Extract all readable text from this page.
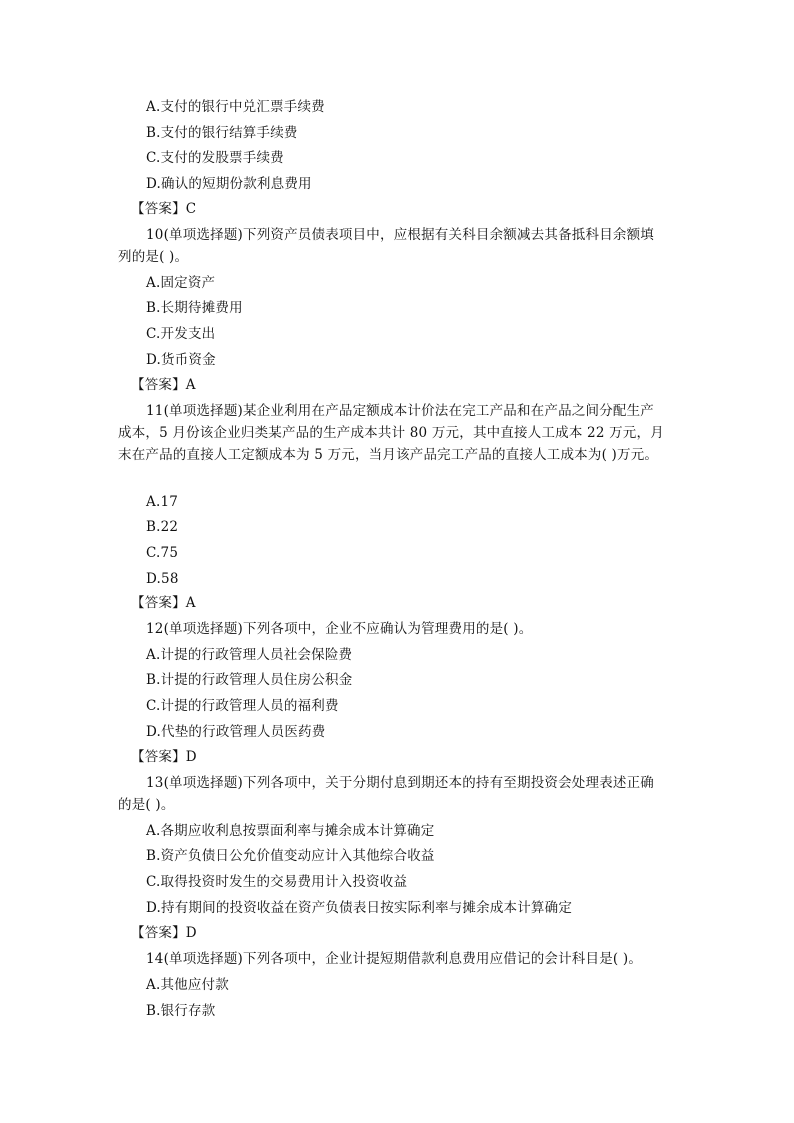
A.支付的银行中兑汇票手续费
B.支付的银行结算手续费
C.支付的发股票手续费
D.确认的短期份款利息费用
【答案】C
10(单项选择题)下列资产员债表项目中，应根据有关科目余额减去其备抵科目余额填
列的是( )。
A.固定资产
B.长期待摊费用
C.开发支出
D.货币资金
【答案】A
11(单项选择题)某企业利用在产品定额成本计价法在完工产品和在产品之间分配生产
成本，5 月份该企业归类某产品的生产成本共计 80 万元，其中直接人工成本 22 万元，月
末在产品的直接人工定额成本为 5 万元，当月该产品完工产品的直接人工成本为( )万元。
A.17
B.22
C.75
D.58
【答案】A
12(单项选择题)下列各项中，企业不应确认为管理费用的是( )。
A.计提的行政管理人员社会保险费
B.计提的行政管理人员住房公积金
C.计提的行政管理人员的福利费
D.代垫的行政管理人员医药费
【答案】D
13(单项选择题)下列各项中，关于分期付息到期还本的持有至期投资会处理表述正确
的是( )。
A.各期应收利息按票面利率与摊余成本计算确定
B.资产负债日公允价值变动应计入其他综合收益
C.取得投资时发生的交易费用计入投资收益
D.持有期间的投资收益在资产负债表日按实际利率与摊余成本计算确定
【答案】D
14(单项选择题)下列各项中，企业计提短期借款利息费用应借记的会计科目是( )。
A.其他应付款
B.银行存款
